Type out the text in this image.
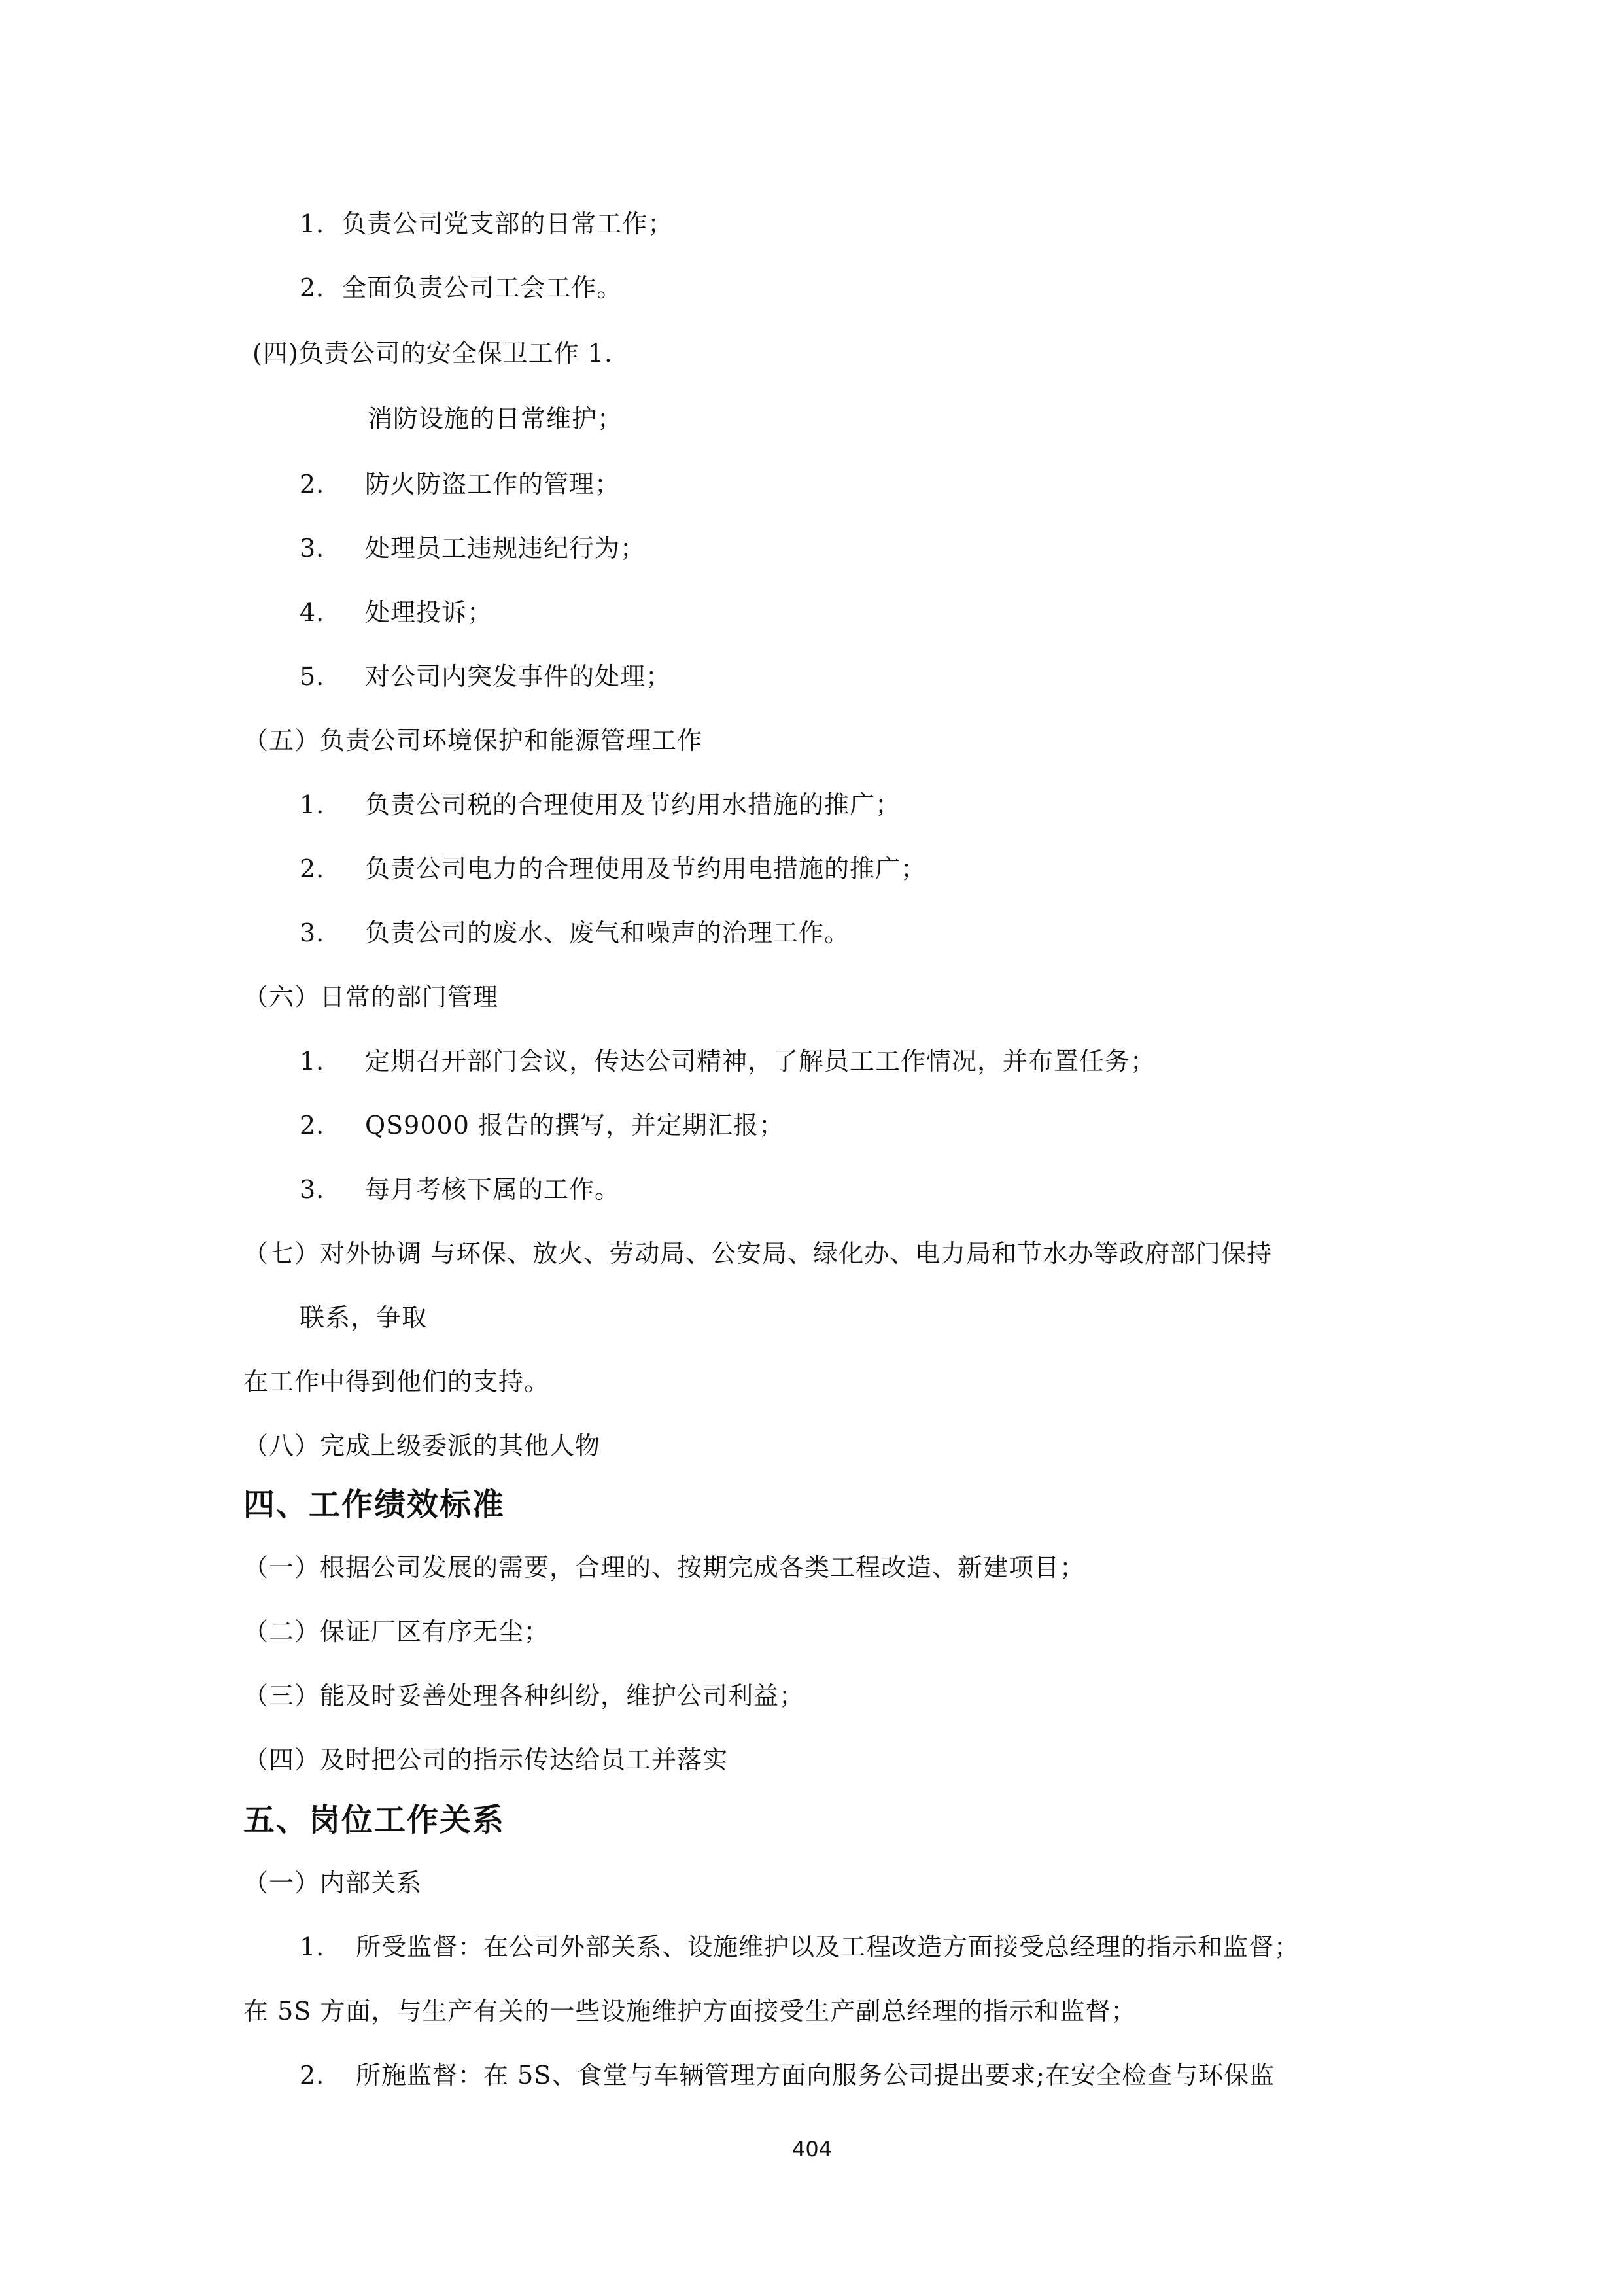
1．负责公司党支部的日常工作；
2．全面负责公司工会工作。
(四)负责公司的安全保卫工作 1.
消防设施的日常维护；
2. 防火防盗工作的管理；
3. 处理员工违规违纪行为；
4. 处理投诉；
5. 对公司内突发事件的处理；
（五）负责公司环境保护和能源管理工作
1. 负责公司税的合理使用及节约用水措施的推广；
2. 负责公司电力的合理使用及节约用电措施的推广；
3. 负责公司的废水、废气和噪声的治理工作。
（六）日常的部门管理
1. 定期召开部门会议，传达公司精神，了解员工工作情况，并布置任务；
2. QS9000 报告的撰写，并定期汇报；
3. 每月考核下属的工作。
（七）对外协调 与环保、放火、劳动局、公安局、绿化办、电力局和节水办等政府部门保持
联系，争取
在工作中得到他们的支持。
（八）完成上级委派的其他人物
四、工作绩效标准
（一）根据公司发展的需要，合理的、按期完成各类工程改造、新建项目；
（二）保证厂区有序无尘；
（三）能及时妥善处理各种纠纷，维护公司利益；
（四）及时把公司的指示传达给员工并落实
五、岗位工作关系
（一）内部关系
1. 所受监督：在公司外部关系、设施维护以及工程改造方面接受总经理的指示和监督；
在 5S 方面，与生产有关的一些设施维护方面接受生产副总经理的指示和监督；
2. 所施监督：在 5S、食堂与车辆管理方面向服务公司提出要求;在安全检查与环保监
404
